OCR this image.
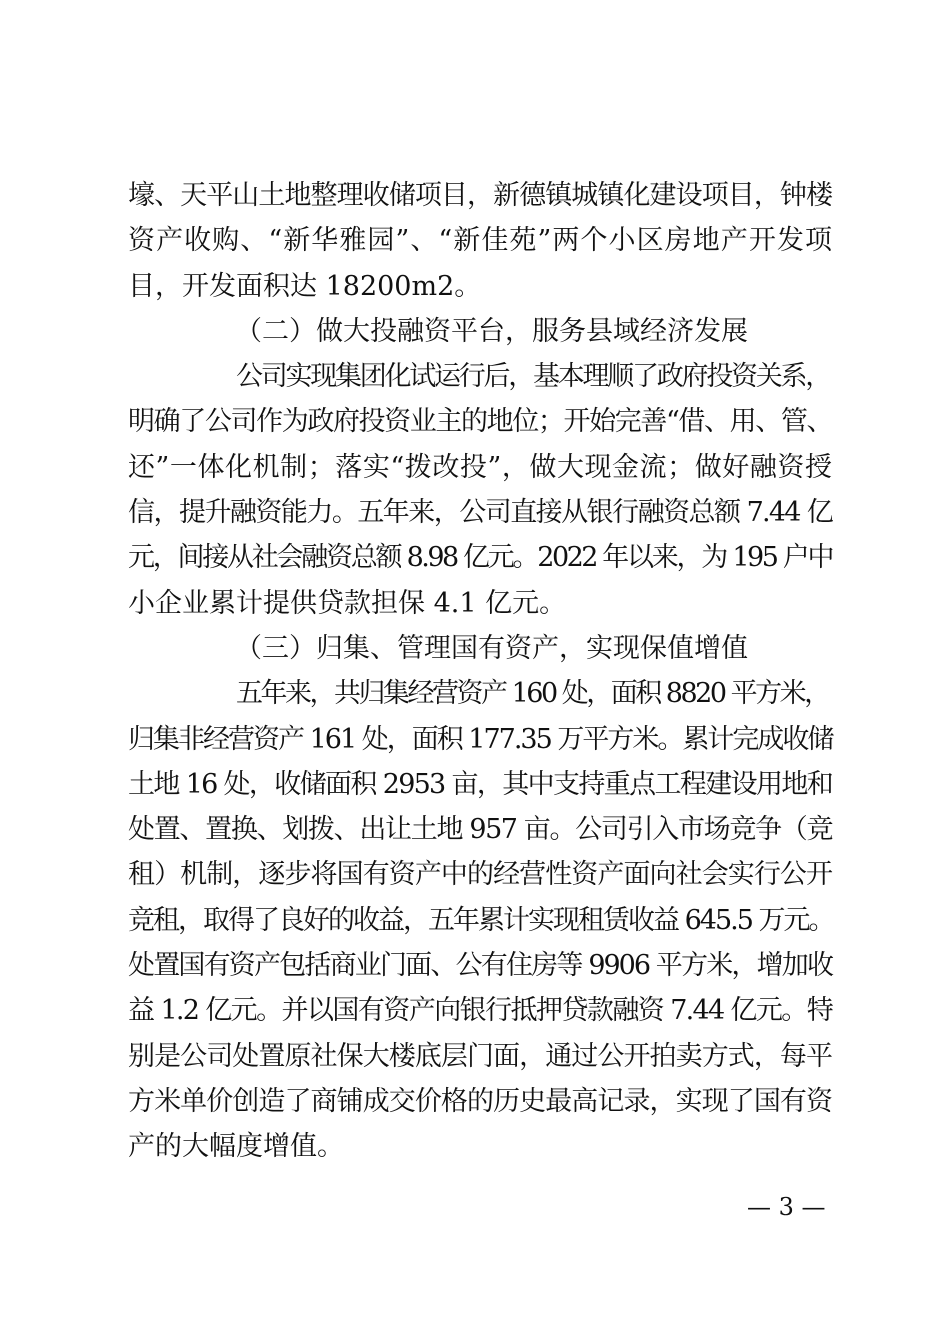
壕、天平山土地整理收储项目，新德镇城镇化建设项目，钟楼
资产收购、“新华雅园”、“新佳苑”两个小区房地产开发项
目，开发面积达 18200m2。
（二）做大投融资平台，服务县域经济发展
公司实现集团化试运行后，基本理顺了政府投资关系，
明确了公司作为政府投资业主的地位；开始完善“借、用、管、
还”一体化机制；落实“拨改投”，做大现金流；做好融资授
信，提升融资能力。五年来，公司直接从银行融资总额 7.44 亿
元，间接从社会融资总额 8.98 亿元。2022 年以来，为 195 户中
小企业累计提供贷款担保 4.1 亿元。
（三）归集、管理国有资产，实现保值增值
五年来，共归集经营资产 160 处，面积 8820 平方米，
归集非经营资产 161 处，面积 177.35 万平方米。累计完成收储
土地 16 处，收储面积 2953 亩，其中支持重点工程建设用地和
处置、置换、划拨、出让土地 957 亩。公司引入市场竞争（竞
租）机制，逐步将国有资产中的经营性资产面向社会实行公开
竞租，取得了良好的收益，五年累计实现租赁收益 645.5 万元。
处置国有资产包括商业门面、公有住房等 9906 平方米，增加收
益 1.2 亿元。并以国有资产向银行抵押贷款融资 7.44 亿元。特
别是公司处置原社保大楼底层门面，通过公开拍卖方式，每平
方米单价创造了商铺成交价格的历史最高记录，实现了国有资
产的大幅度增值。
— 3 —
